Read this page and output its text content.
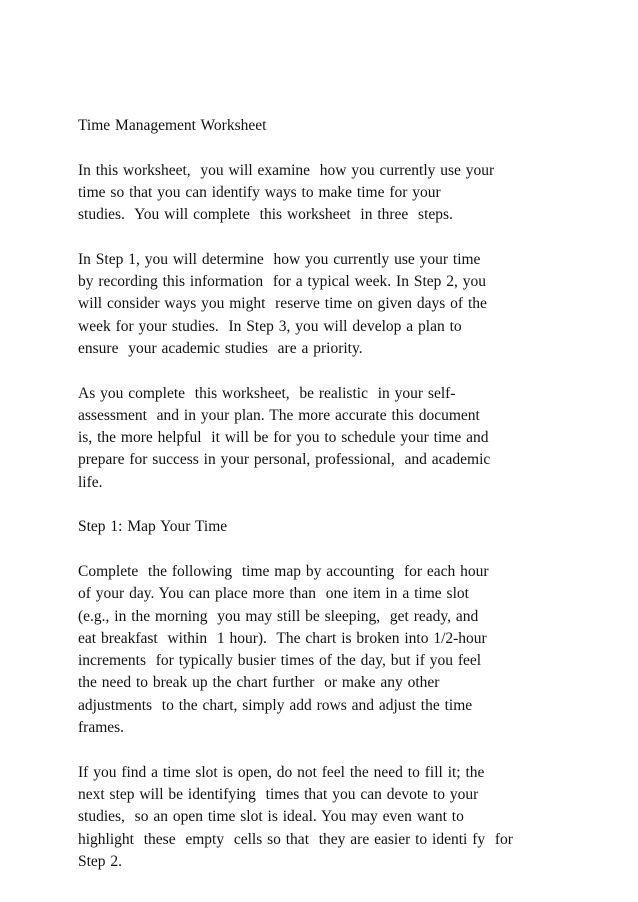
Time Management Worksheet
In this worksheet,  you will examine  how you currently use your
time so that you can identify ways to make time for your
studies.  You will complete  this worksheet  in three  steps.
In Step 1, you will determine  how you currently use your time
by recording this information  for a typical week. In Step 2, you
will consider ways you might  reserve time on given days of the
week for your studies.  In Step 3, you will develop a plan to
ensure  your academic studies  are a priority.
As you complete  this worksheet,  be realistic  in your self-
assessment  and in your plan. The more accurate this document
is, the more helpful  it will be for you to schedule your time and
prepare for success in your personal, professional,  and academic
life.
Step 1: Map Your Time
Complete  the following  time map by accounting  for each hour
of your day. You can place more than  one item in a time slot
(e.g., in the morning  you may still be sleeping,  get ready, and
eat breakfast  within  1 hour).  The chart is broken into 1/2-hour
increments  for typically busier times of the day, but if you feel
the need to break up the chart further  or make any other
adjustments  to the chart, simply add rows and adjust the time
frames.
If you find a time slot is open, do not feel the need to fill it; the
next step will be identifying  times that you can devote to your
studies,  so an open time slot is ideal. You may even want to
highlight  these  empty  cells so that  they are easier to identi fy  for
Step 2.
